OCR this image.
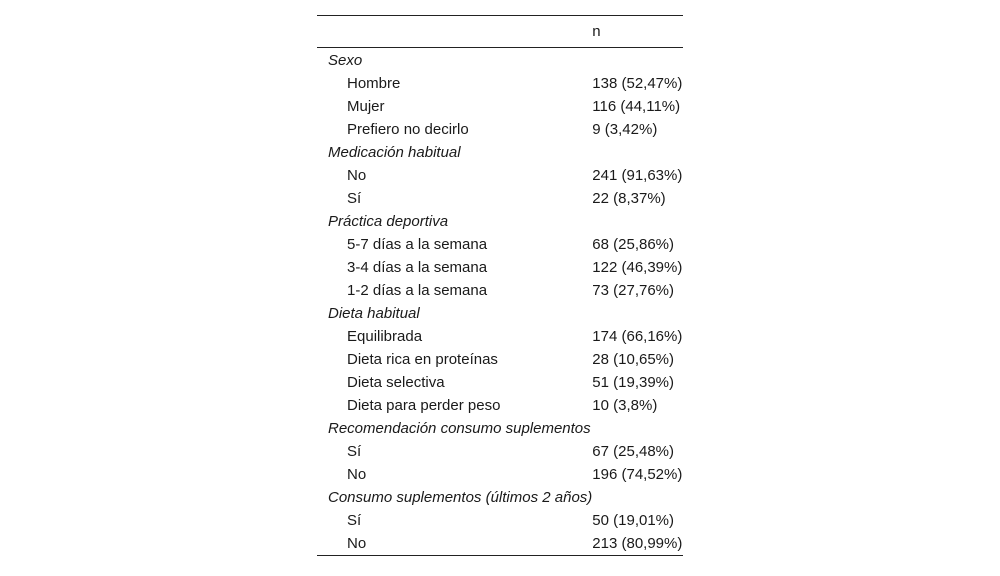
	n
Sexo	
Hombre	138 (52,47%)
Mujer	116 (44,11%)
Prefiero no decirlo	9 (3,42%)
Medicación habitual	
No	241 (91,63%)
Sí	22 (8,37%)
Práctica deportiva	
5-7 días a la semana	68 (25,86%)
3-4 días a la semana	122 (46,39%)
1-2 días a la semana	73 (27,76%)
Dieta habitual	
Equilibrada	174 (66,16%)
Dieta rica en proteínas	28 (10,65%)
Dieta selectiva	51 (19,39%)
Dieta para perder peso	10 (3,8%)
Recomendación consumo suplementos	
Sí	67 (25,48%)
No	196 (74,52%)
Consumo suplementos (últimos 2 años)	
Sí	50 (19,01%)
No	213 (80,99%)
